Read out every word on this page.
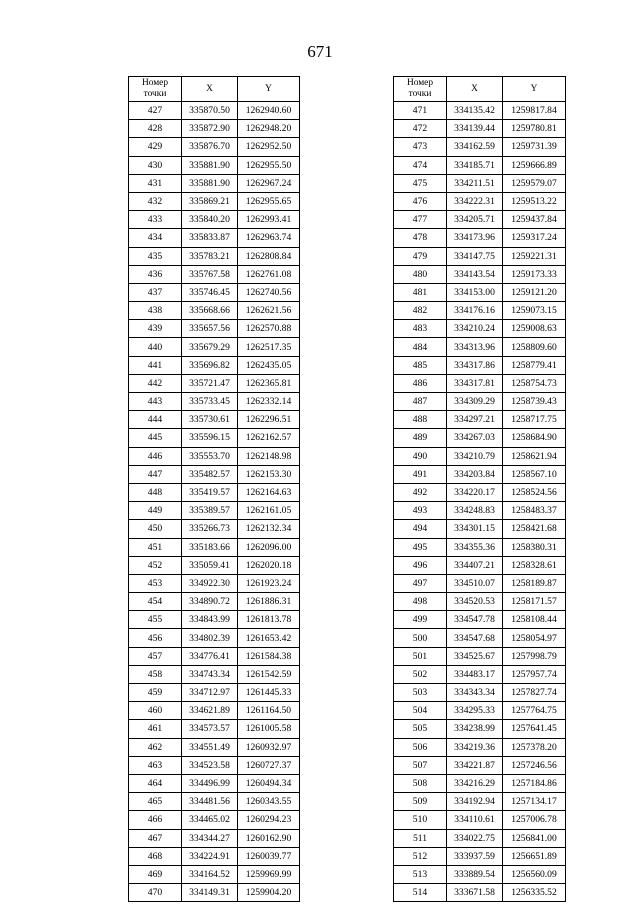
671
Номер
точки	X	Y
427	335870.50	1262940.60
428	335872.90	1262948.20
429	335876.70	1262952.50
430	335881.90	1262955.50
431	335881.90	1262967.24
432	335869.21	1262955.65
433	335840.20	1262993.41
434	335833.87	1262963.74
435	335783.21	1262808.84
436	335767.58	1262761.08
437	335746.45	1262740.56
438	335668.66	1262621.56
439	335657.56	1262570.88
440	335679.29	1262517.35
441	335696.82	1262435.05
442	335721.47	1262365.81
443	335733.45	1262332.14
444	335730.61	1262296.51
445	335596.15	1262162.57
446	335553.70	1262148.98
447	335482.57	1262153.30
448	335419.57	1262164.63
449	335389.57	1262161.05
450	335266.73	1262132.34
451	335183.66	1262096.00
452	335059.41	1262020.18
453	334922.30	1261923.24
454	334890.72	1261886.31
455	334843.99	1261813.78
456	334802.39	1261653.42
457	334776.41	1261584.38
458	334743.34	1261542.59
459	334712.97	1261445.33
460	334621.89	1261164.50
461	334573.57	1261005.58
462	334551.49	1260932.97
463	334523.58	1260727.37
464	334496.99	1260494.34
465	334481.56	1260343.55
466	334465.02	1260294.23
467	334344.27	1260162.90
468	334224.91	1260039.77
469	334164.52	1259969.99
470	334149.31	1259904.20
Номер
точки	X	Y
471	334135.42	1259817.84
472	334139.44	1259780.81
473	334162.59	1259731.39
474	334185.71	1259666.89
475	334211.51	1259579.07
476	334222.31	1259513.22
477	334205.71	1259437.84
478	334173.96	1259317.24
479	334147.75	1259221.31
480	334143.54	1259173.33
481	334153.00	1259121.20
482	334176.16	1259073.15
483	334210.24	1259008.63
484	334313.96	1258809.60
485	334317.86	1258779.41
486	334317.81	1258754.73
487	334309.29	1258739.43
488	334297.21	1258717.75
489	334267.03	1258684.90
490	334210.79	1258621.94
491	334203.84	1258567.10
492	334220.17	1258524.56
493	334248.83	1258483.37
494	334301.15	1258421.68
495	334355.36	1258380.31
496	334407.21	1258328.61
497	334510.07	1258189.87
498	334520.53	1258171.57
499	334547.78	1258108.44
500	334547.68	1258054.97
501	334525.67	1257998.79
502	334483.17	1257957.74
503	334343.34	1257827.74
504	334295.33	1257764.75
505	334238.99	1257641.45
506	334219.36	1257378.20
507	334221.87	1257246.56
508	334216.29	1257184.86
509	334192.94	1257134.17
510	334110.61	1257006.78
511	334022.75	1256841.00
512	333937.59	1256651.89
513	333889.54	1256560.09
514	333671.58	1256335.52
